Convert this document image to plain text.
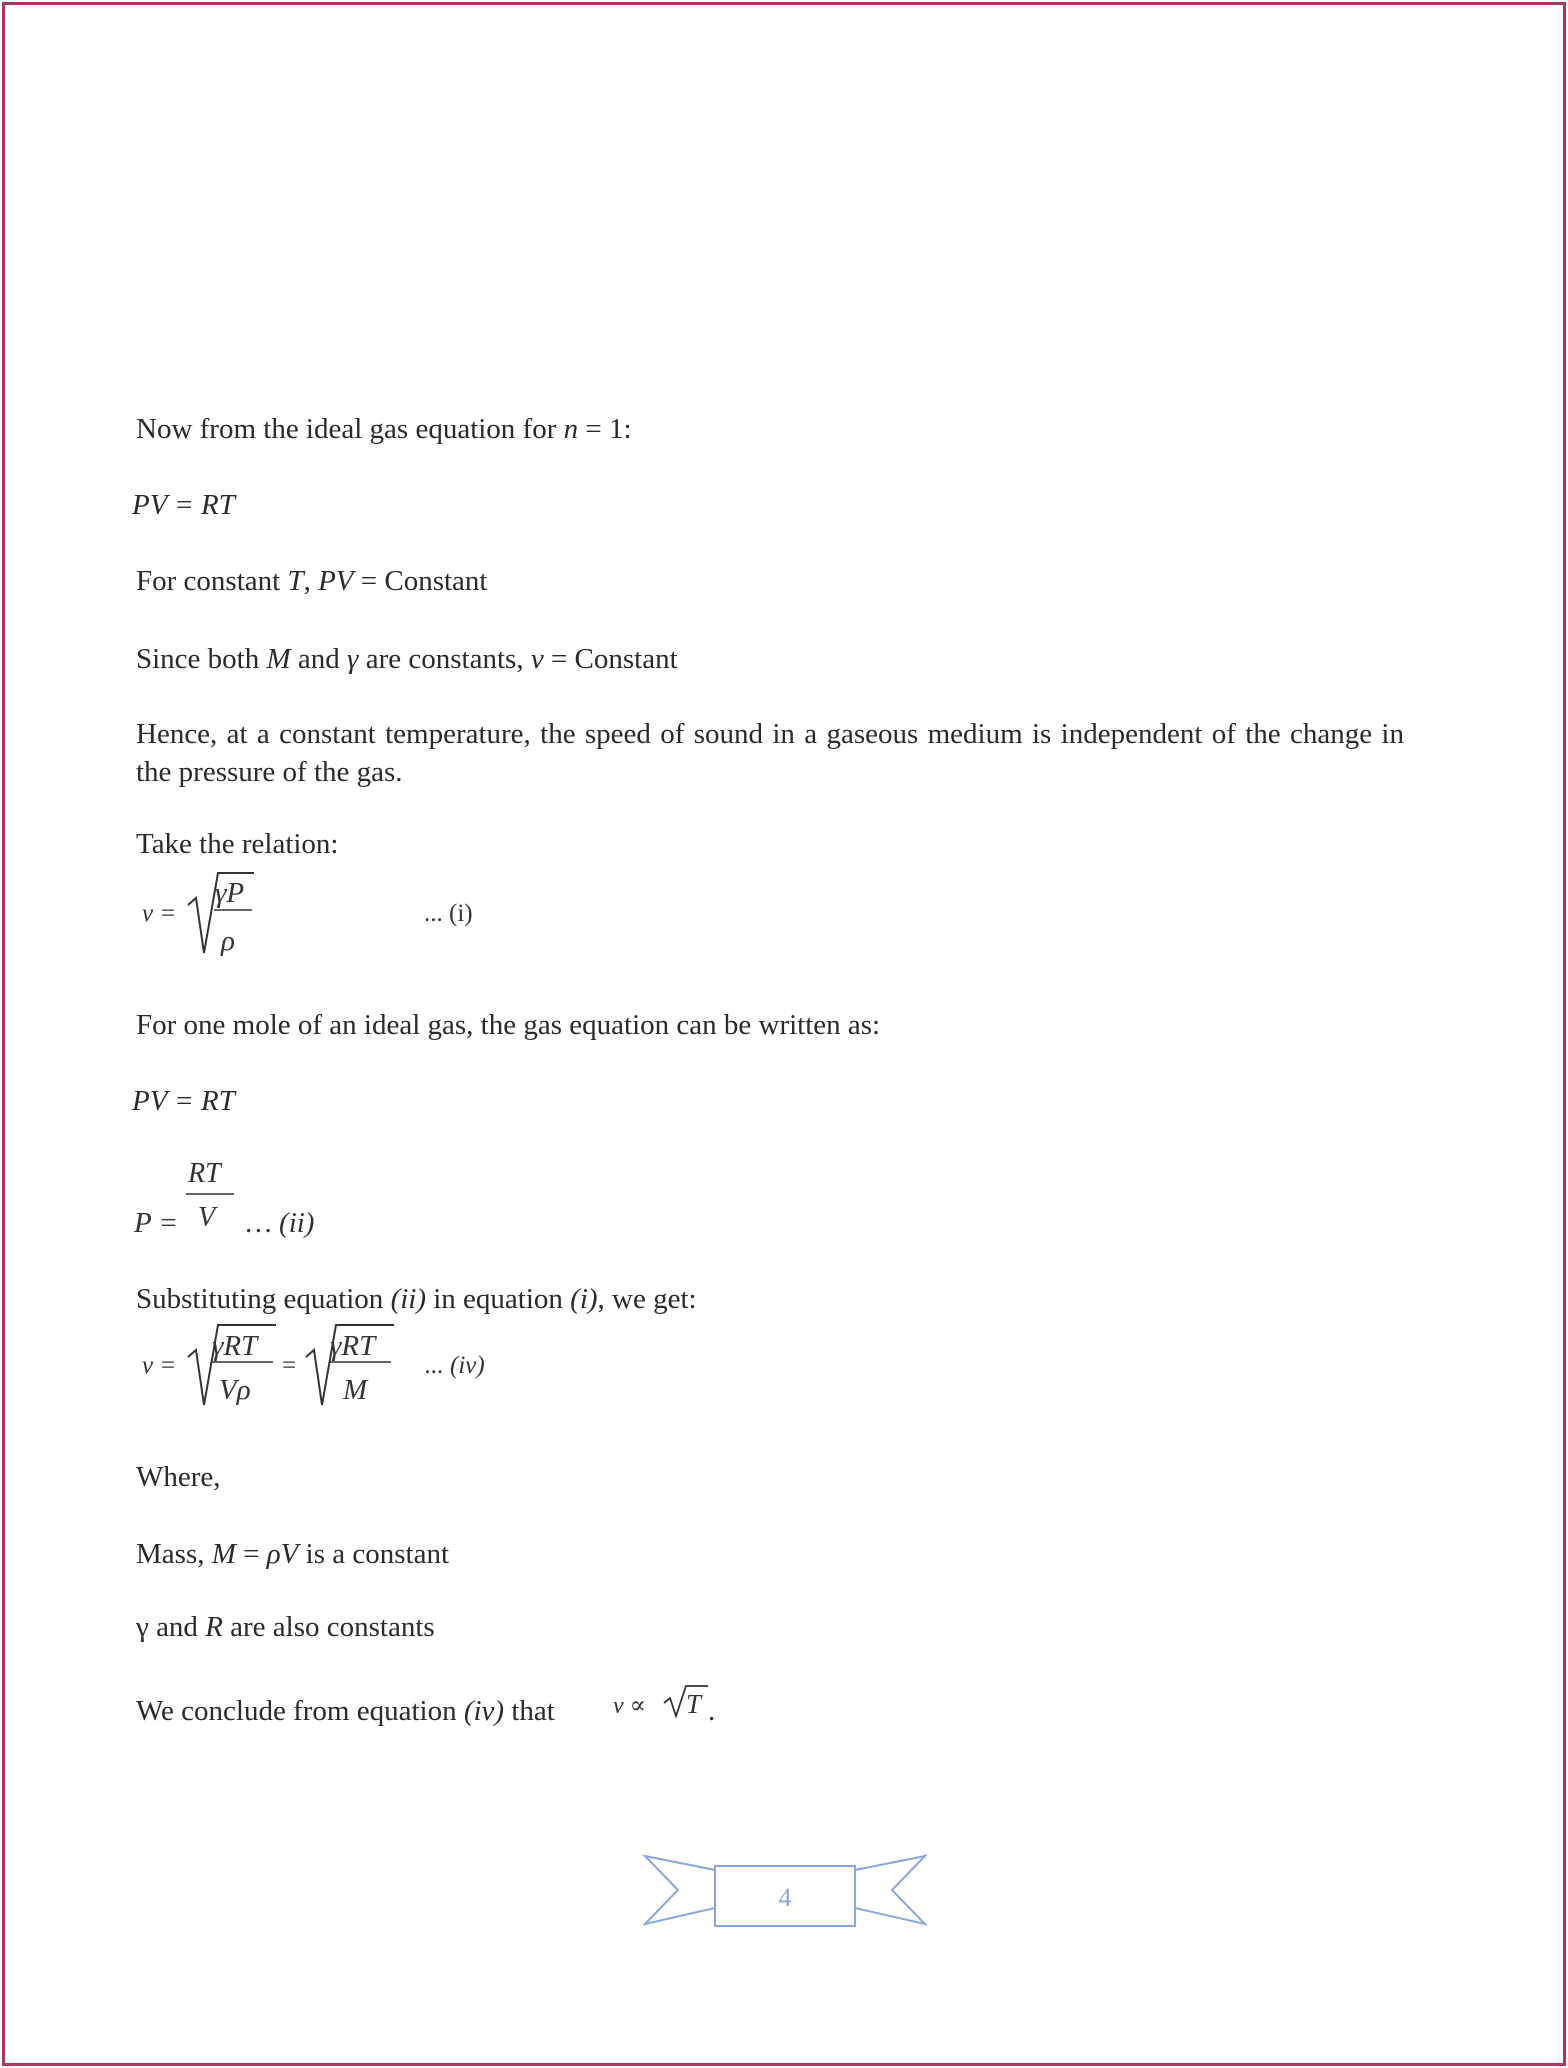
Now from the ideal gas equation for n = 1:
PV = RT
For constant T, PV = Constant
Since both M and γ are constants, v = Constant
Hence, at a constant temperature, the speed of sound in a gaseous medium is independent of the change in the pressure of the gas.
Take the relation:
For one mole of an ideal gas, the gas equation can be written as:
PV = RT
Substituting equation (ii) in equation (i), we get:
Where,
Mass, M = ρV is a constant
γ and R are also constants
We conclude from equation (iv) that	.
v =
γP
ρ
... (i)
P =
RT
V … (ii)
v =
γRT
Vρ
=
γRT
M
... (iv)
v ∝ T
4
